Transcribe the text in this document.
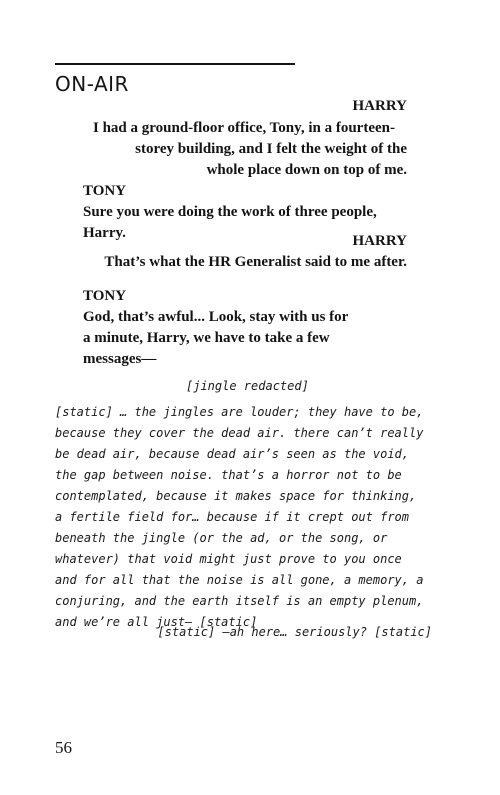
ON-AIR
HARRY
I had a ground-floor office, Tony, in a fourteen-
storey building, and I felt the weight of the
whole place down on top of me.
TONY
Sure you were doing the work of three people,
Harry.	HARRY
That’s what the HR Generalist said to me after.
TONY
God, that’s awful... Look, stay with us for
a minute, Harry, we have to take a few
messages—
[jingle redacted]
[static] … the jingles are louder; they have to be,
because they cover the dead air. there can’t really
be dead air, because dead air’s seen as the void,
the gap between noise. that’s a horror not to be
contemplated, because it makes space for thinking,
a fertile field for… because if it crept out from
beneath the jingle (or the ad, or the song, or
whatever) that void might just prove to you once
and for all that the noise is all gone, a memory, a
conjuring, and the earth itself is an empty plenum,
and we’re all just— [static]
[static] —ah here… seriously? [static]
56
